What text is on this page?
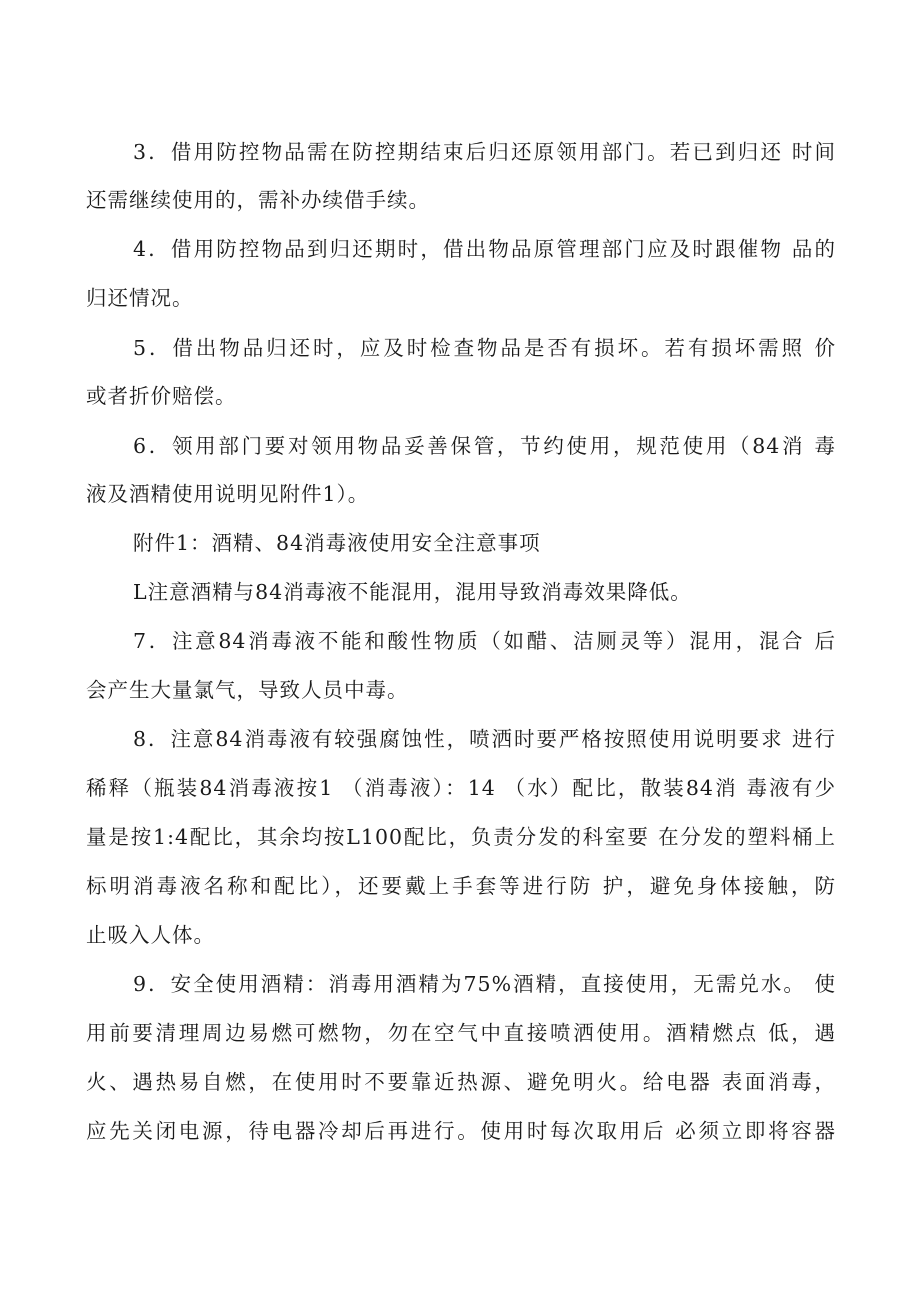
3．借用防控物品需在防控期结束后归还原领用部门。若已到归还 时间
还需继续使用的，需补办续借手续。
4．借用防控物品到归还期时，借出物品原管理部门应及时跟催物 品的
归还情况。
5．借出物品归还时，应及时检查物品是否有损坏。若有损坏需照 价
或者折价赔偿。
6．领用部门要对领用物品妥善保管，节约使用，规范使用（84消 毒
液及酒精使用说明见附件1）。
附件1：酒精、84消毒液使用安全注意事项
L注意酒精与84消毒液不能混用，混用导致消毒效果降低。
7．注意84消毒液不能和酸性物质（如醋、洁厕灵等）混用，混合 后
会产生大量氯气，导致人员中毒。
8．注意84消毒液有较强腐蚀性，喷洒时要严格按照使用说明要求 进行
稀释（瓶装84消毒液按1 （消毒液）：14 （水）配比，散装84消 毒液有少
量是按1:4配比，其余均按L100配比，负责分发的科室要 在分发的塑料桶上
标明消毒液名称和配比），还要戴上手套等进行防 护，避免身体接触，防
止吸入人体。
9．安全使用酒精：消毒用酒精为75%酒精，直接使用，无需兑水。 使
用前要清理周边易燃可燃物，勿在空气中直接喷洒使用。酒精燃点 低，遇
火、遇热易自燃，在使用时不要靠近热源、避免明火。给电器 表面消毒，
应先关闭电源，待电器冷却后再进行。使用时每次取用后 必须立即将容器
